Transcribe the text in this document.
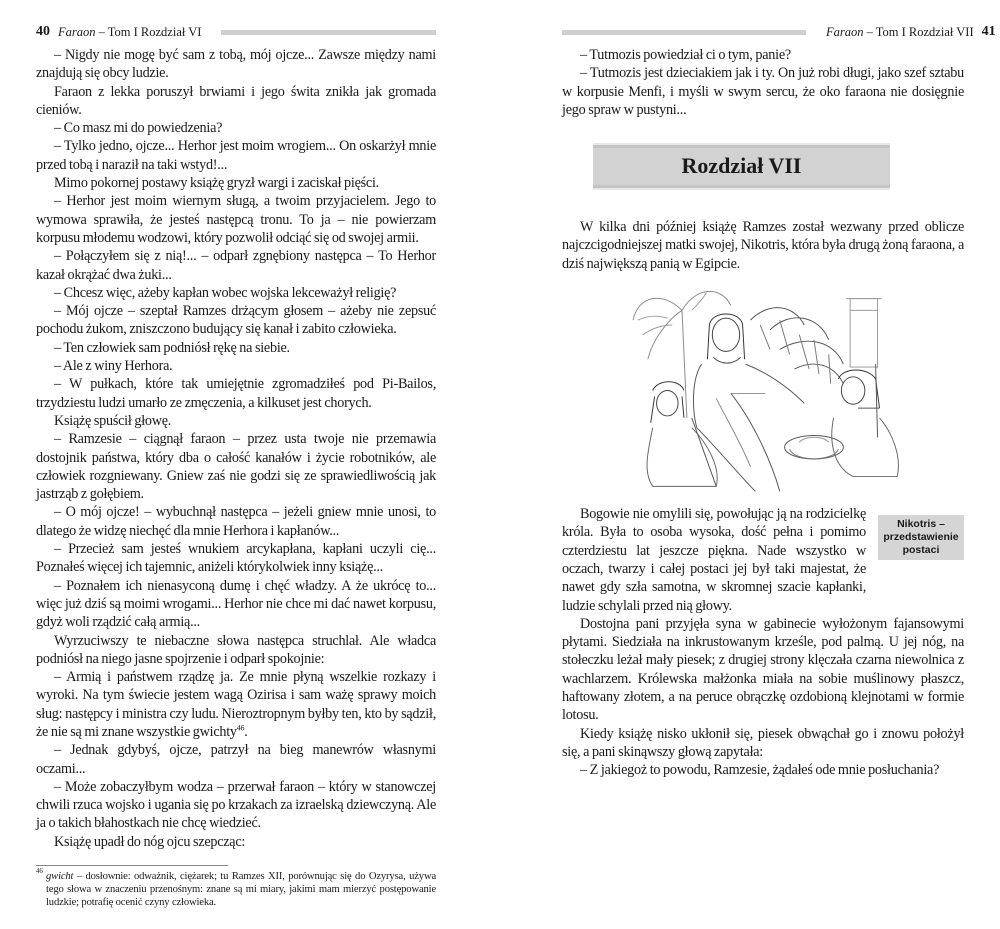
40 Faraon – Tom I Rozdział VI

– Nigdy nie mogę być sam z tobą, mój ojcze... Zawsze między nami znajdują się obcy ludzie.

Faraon z lekka poruszył brwiami i jego świta znikła jak gromada cieniów.

– Co masz mi do powiedzenia?

– Tylko jedno, ojcze... Herhor jest moim wrogiem... On oskarżył mnie przed tobą i naraził na taki wstyd!...

Mimo pokornej postawy książę gryzł wargi i zaciskał pięści.

– Herhor jest moim wiernym sługą, a twoim przyjacielem. Jego to wymowa sprawiła, że jesteś następcą tronu. To ja – nie powierzam korpusu młodemu wodzowi, który pozwolił odciąć się od swojej armii.

– Połączyłem się z nią!... – odparł zgnębiony następca – To Herhor kazał okrążać dwa żuki...

– Chcesz więc, ażeby kapłan wobec wojska lekceważył religię?

– Mój ojcze – szeptał Ramzes drżącym głosem – ażeby nie zepsuć pochodu żukom, zniszczono budujący się kanał i zabito człowieka.

– Ten człowiek sam podniósł rękę na siebie.

– Ale z winy Herhora.

– W pułkach, które tak umiejętnie zgromadziłeś pod Pi-Bailos, trzydziestu ludzi umarło ze zmęczenia, a kilkuset jest chorych.

Książę spuścił głowę.

– Ramzesie – ciągnął faraon – przez usta twoje nie przemawia dostojnik państwa, który dba o całość kanałów i życie robotników, ale człowiek rozgniewany. Gniew zaś nie godzi się ze sprawiedliwością jak jastrząb z gołębiem.

– O mój ojcze! – wybuchnął następca – jeżeli gniew mnie unosi, to dlatego że widzę niechęć dla mnie Herhora i kapłanów...

– Przecież sam jesteś wnukiem arcykapłana, kapłani uczyli cię... Poznałeś więcej ich tajemnic, aniżeli którykolwiek inny książę...

– Poznałem ich nienasyconą dumę i chęć władzy. A że ukrócę to... więc już dziś są moimi wrogami... Herhor nie chce mi dać nawet korpusu, gdyż woli rządzić całą armią...

Wyrzuciwszy te niebaczne słowa następca struchlał. Ale władca podniósł na niego jasne spojrzenie i odparł spokojnie:

– Armią i państwem rządzę ja. Ze mnie płyną wszelkie rozkazy i wyroki. Na tym świecie jestem wagą Ozirisa i sam ważę sprawy moich sług: następcy i ministra czy ludu. Nieroztropnym byłby ten, kto by sądził, że nie są mi znane wszystkie gwichty$^{46}$.

– Jednak gdybyś, ojcze, patrzył na bieg manewrów własnymi oczami...

– Może zobaczyłbym wodza – przerwał faraon – który w stanowczej chwili rzuca wojsko i ugania się po krzakach za izraelską dziewczyną. Ale ja o takich błahostkach nie chcę wiedzieć.

Książę upadł do nóg ojcu szepcząc:

46 gwicht – dosłownie: odważnik, ciężarek; tu Ramzes XII, porównując się do Ozyrysa, używa tego słowa w znaczeniu przenośnym: znane są mi miary, jakimi mam mierzyć postępowanie ludzkie; potrafię ocenić czyny człowieka.
Faraon – Tom I Rozdział VII 41

– Tutmozis powiedział ci o tym, panie?

– Tutmozis jest dzieciakiem jak i ty. On już robi długi, jako szef sztabu w korpusie Menfi, i myśli w swym sercu, że oko faraona nie dosięgnie jego spraw w pustyni...

Rozdział VII

W kilka dni później książę Ramzes został wezwany przed oblicze najczcigodniejszej matki swojej, Nikotris, która była drugą żoną faraona, a dziś największą panią w Egipcie.

Bogowie nie omylili się, powołując ją na rodzicielkę króla. Była to osoba wysoka, dość pełna i pomimo czterdziestu lat jeszcze piękna. Nade wszystko w oczach, twarzy i całej postaci jej był taki majestat, że nawet gdy szła samotna, w skromnej szacie kapłanki, ludzie schylali przed nią głowy.

Nikotris – przedstawienie postaci

Dostojna pani przyjęła syna w gabinecie wyłożonym fajansowymi płytami. Siedziała na inkrustowanym krześle, pod palmą. U jej nóg, na stołeczku leżał mały piesek; z drugiej strony klęczała czarna niewolnica z wachlarzem. Królewska małżonka miała na sobie muślinowy płaszcz, haftowany złotem, a na peruce obrączkę ozdobioną klejnotami w formie lotosu.

Kiedy książę nisko ukłonił się, piesek obwąchał go i znowu położył się, a pani skinąwszy głową zapytała:

– Z jakiegoż to powodu, Ramzesie, żądałeś ode mnie posłuchania?
